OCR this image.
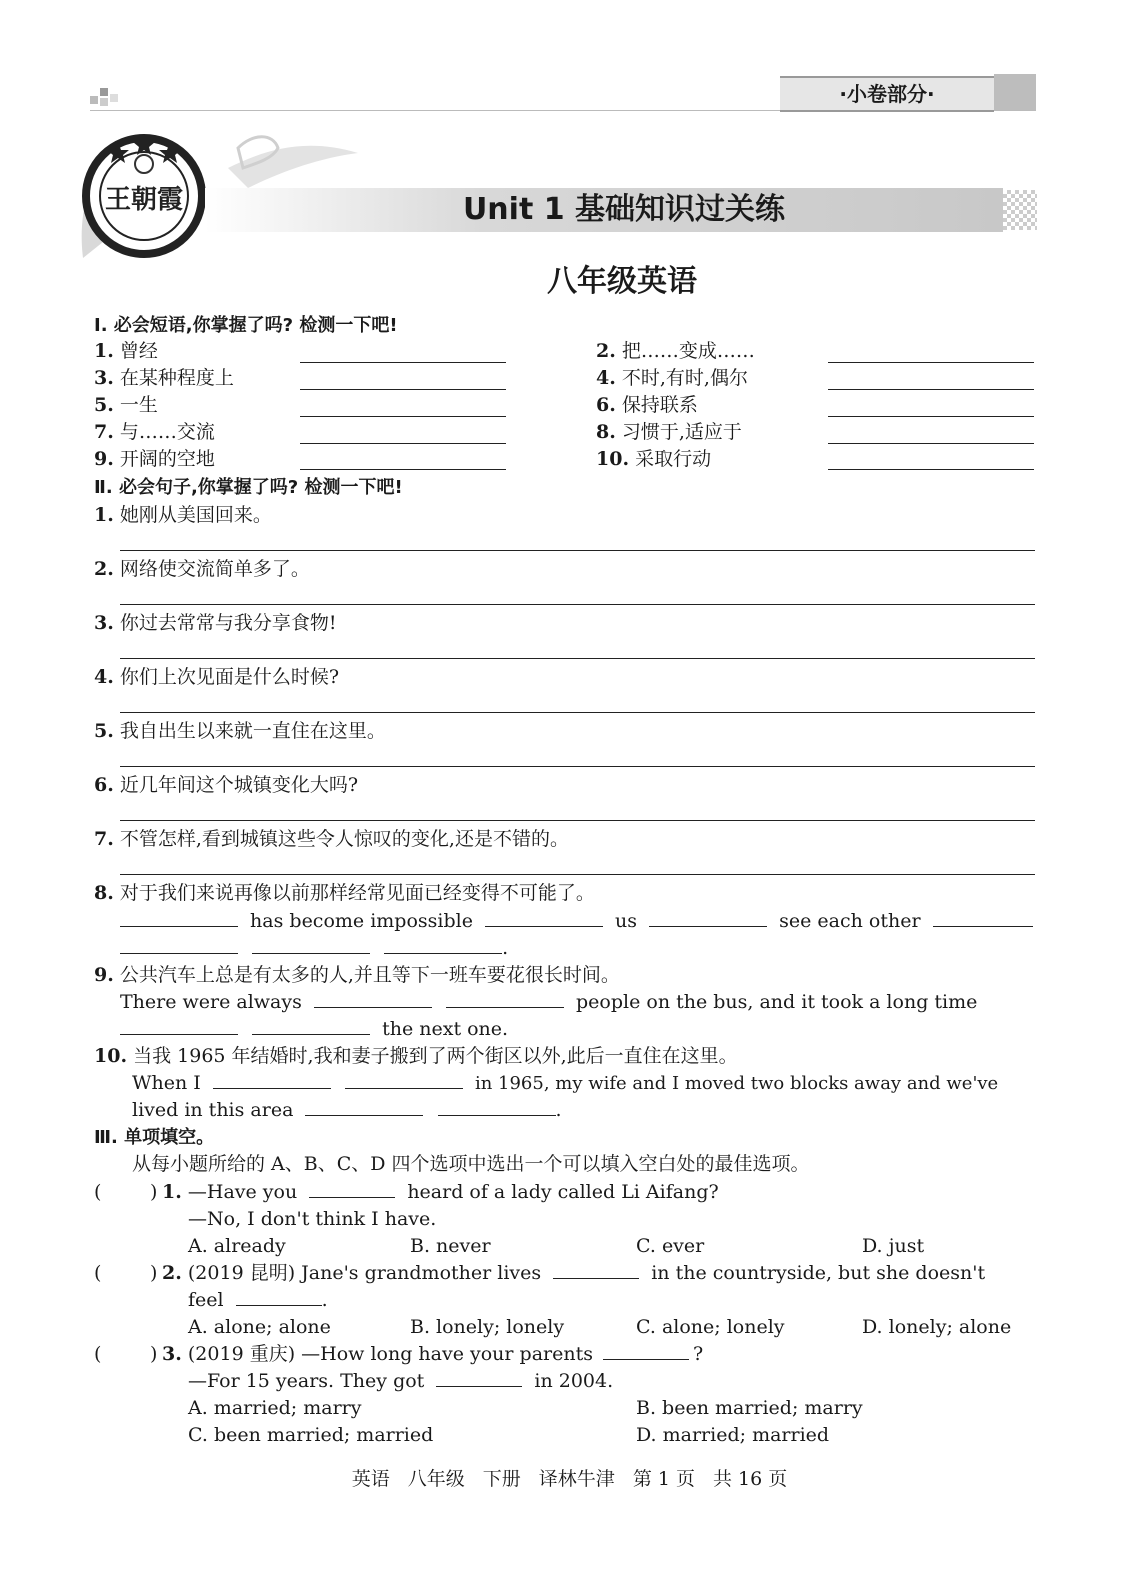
·小卷部分·
王朝霞	Unit 1 基础知识过关练
八年级英语
Ⅰ. 必会短语,你掌握了吗? 检测一下吧!
1. 曾经	2. 把……变成……
3. 在某种程度上	4. 不时,有时,偶尔
5. 一生	6. 保持联系
7. 与……交流	8. 习惯于,适应于
9. 开阔的空地	10. 采取行动
Ⅱ. 必会句子,你掌握了吗? 检测一下吧!
1. 她刚从美国回来。
2. 网络使交流简单多了。
3. 你过去常常与我分享食物!
4. 你们上次见面是什么时候?
5. 我自出生以来就一直住在这里。
6. 近几年间这个城镇变化大吗?
7. 不管怎样,看到城镇这些令人惊叹的变化,还是不错的。
8. 对于我们来说再像以前那样经常见面已经变得不可能了。
has become impossible	us	see each other
.
9. 公共汽车上总是有太多的人,并且等下一班车要花很长时间。
There were always	people on the bus, and it took a long time
the next one.
10. 当我 1965 年结婚时,我和妻子搬到了两个街区以外,此后一直住在这里。
When I	in 1965, my wife and I moved two blocks away and we've
lived in this area	.
Ⅲ. 单项填空。
从每小题所给的 A、B、C、D 四个选项中选出一个可以填入空白处的最佳选项。
(	) 1. —Have you	heard of a lady called Li Aifang?
—No, I don't think I have.
A. already	B. never	C. ever	D. just
(	) 2. (2019 昆明) Jane's grandmother lives	in the countryside, but she doesn't
feel	.
A. alone; alone	B. lonely; lonely	C. alone; lonely	D. lonely; alone
(	) 3. (2019 重庆) —How long have your parents	?
—For 15 years. They got	in 2004.
A. married; marry	B. been married; marry
C. been married; married	D. married; married
英语 八年级 下册 译林牛津 第 1 页 共 16 页
